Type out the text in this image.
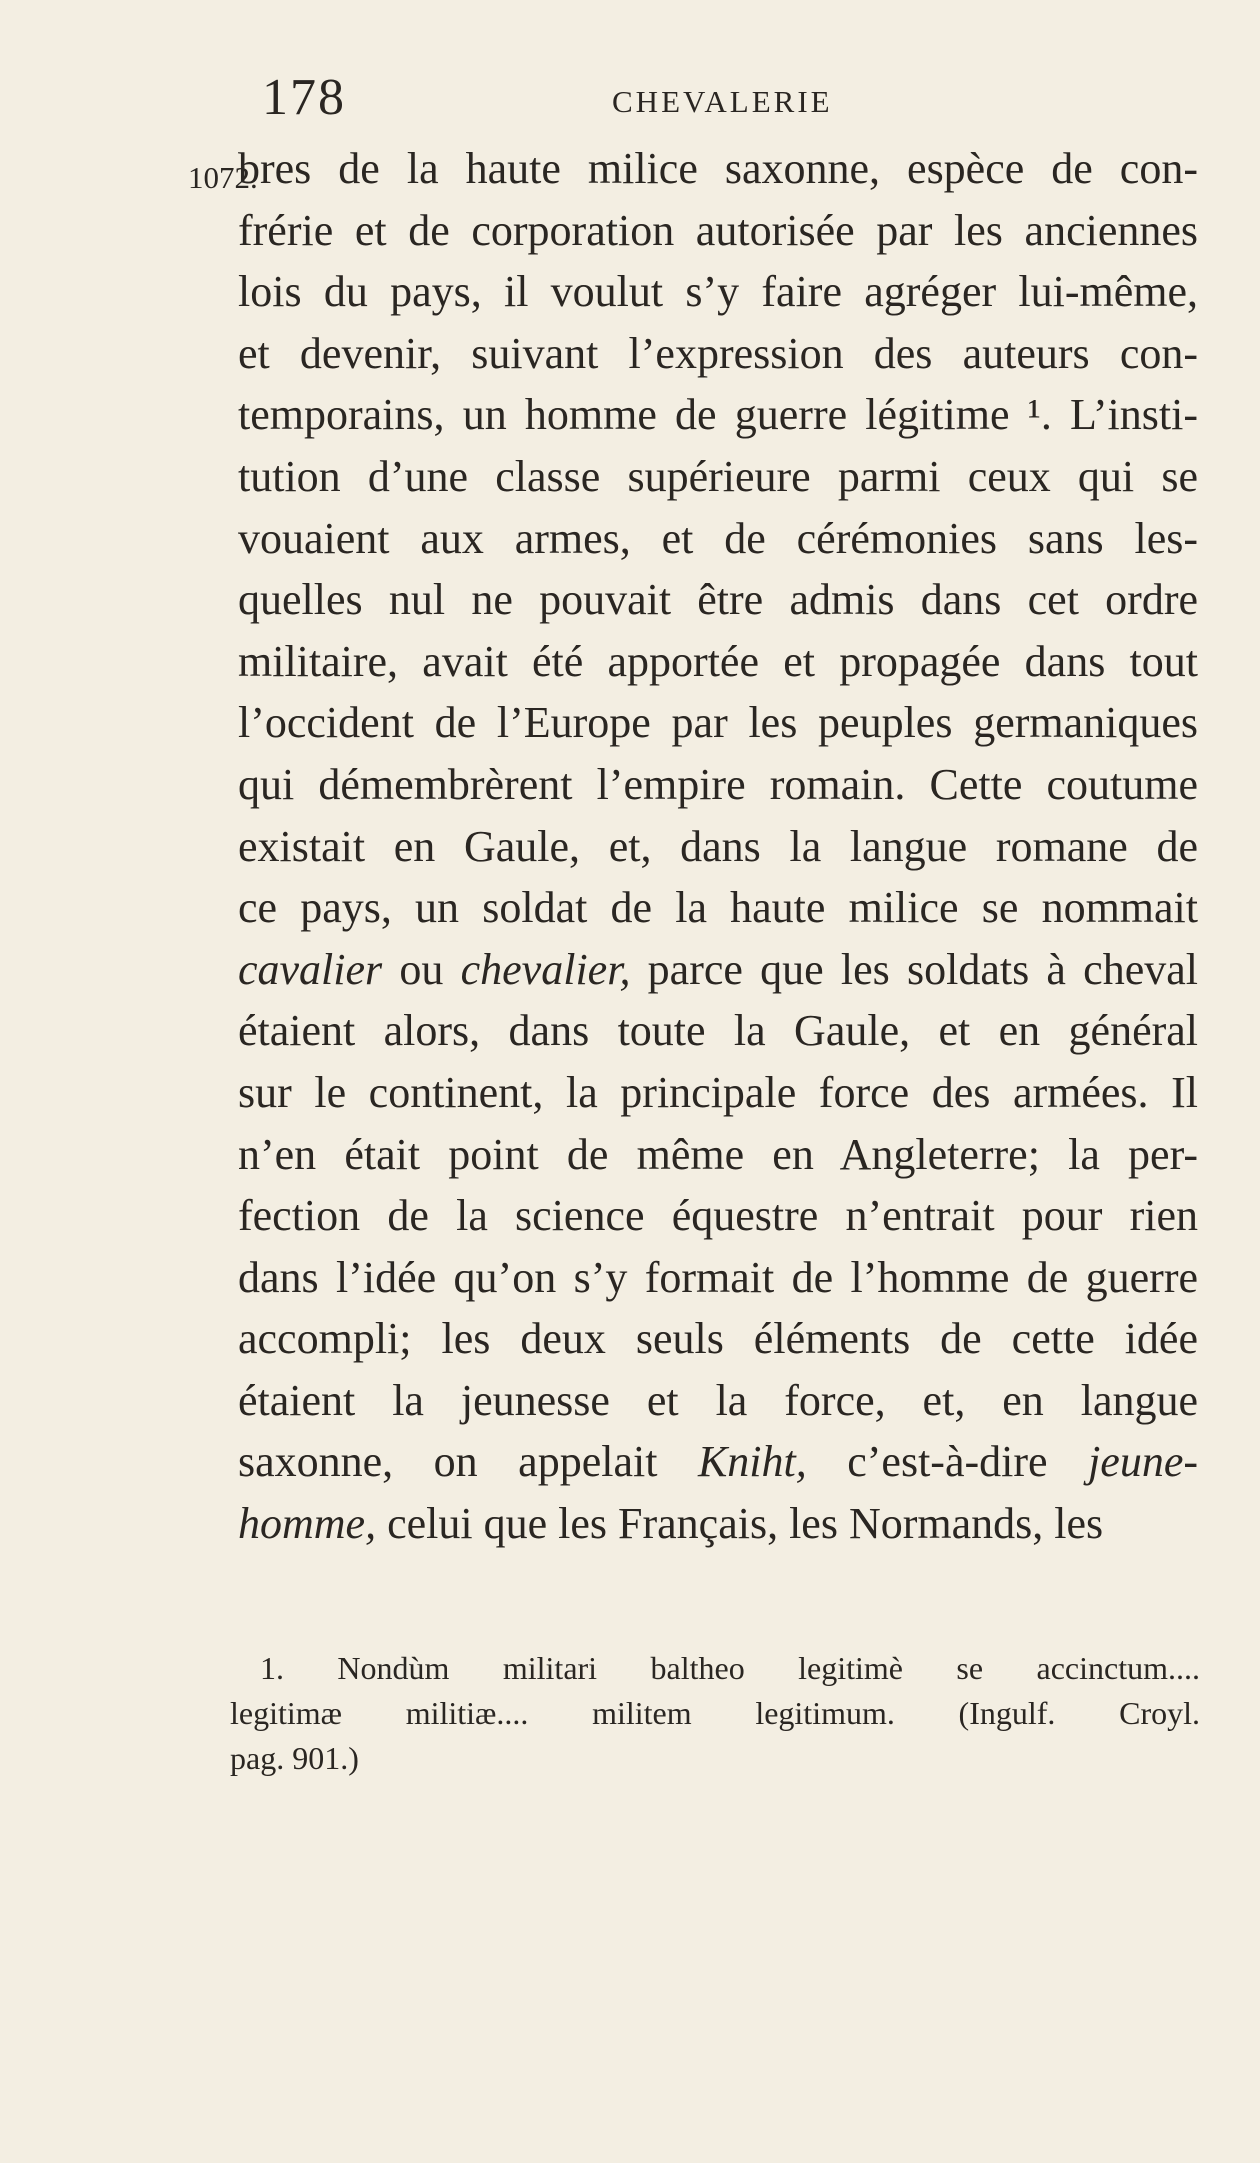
178	CHEVALERIE
1072.
bres de la haute milice saxonne, espèce de con-
frérie et de corporation autorisée par les anciennes
lois du pays, il voulut s’y faire agréger lui-même,
et devenir, suivant l’expression des auteurs con-
temporains, un homme de guerre légitime ¹. L’insti-
tution d’une classe supérieure parmi ceux qui se
vouaient aux armes, et de cérémonies sans les-
quelles nul ne pouvait être admis dans cet ordre
militaire, avait été apportée et propagée dans tout
l’occident de l’Europe par les peuples germaniques
qui démembrèrent l’empire romain. Cette coutume
existait en Gaule, et, dans la langue romane de
ce pays, un soldat de la haute milice se nommait
cavalier ou chevalier, parce que les soldats à cheval
étaient alors, dans toute la Gaule, et en général
sur le continent, la principale force des armées. Il
n’en était point de même en Angleterre; la per-
fection de la science équestre n’entrait pour rien
dans l’idée qu’on s’y formait de l’homme de guerre
accompli; les deux seuls éléments de cette idée
étaient la jeunesse et la force, et, en langue
saxonne, on appelait Kniht, c’est-à-dire jeune-
homme, celui que les Français, les Normands, les
1. Nondùm militari baltheo legitimè se accinctum....
legitimæ militiæ.... militem legitimum. (Ingulf. Croyl.
pag. 901.)
